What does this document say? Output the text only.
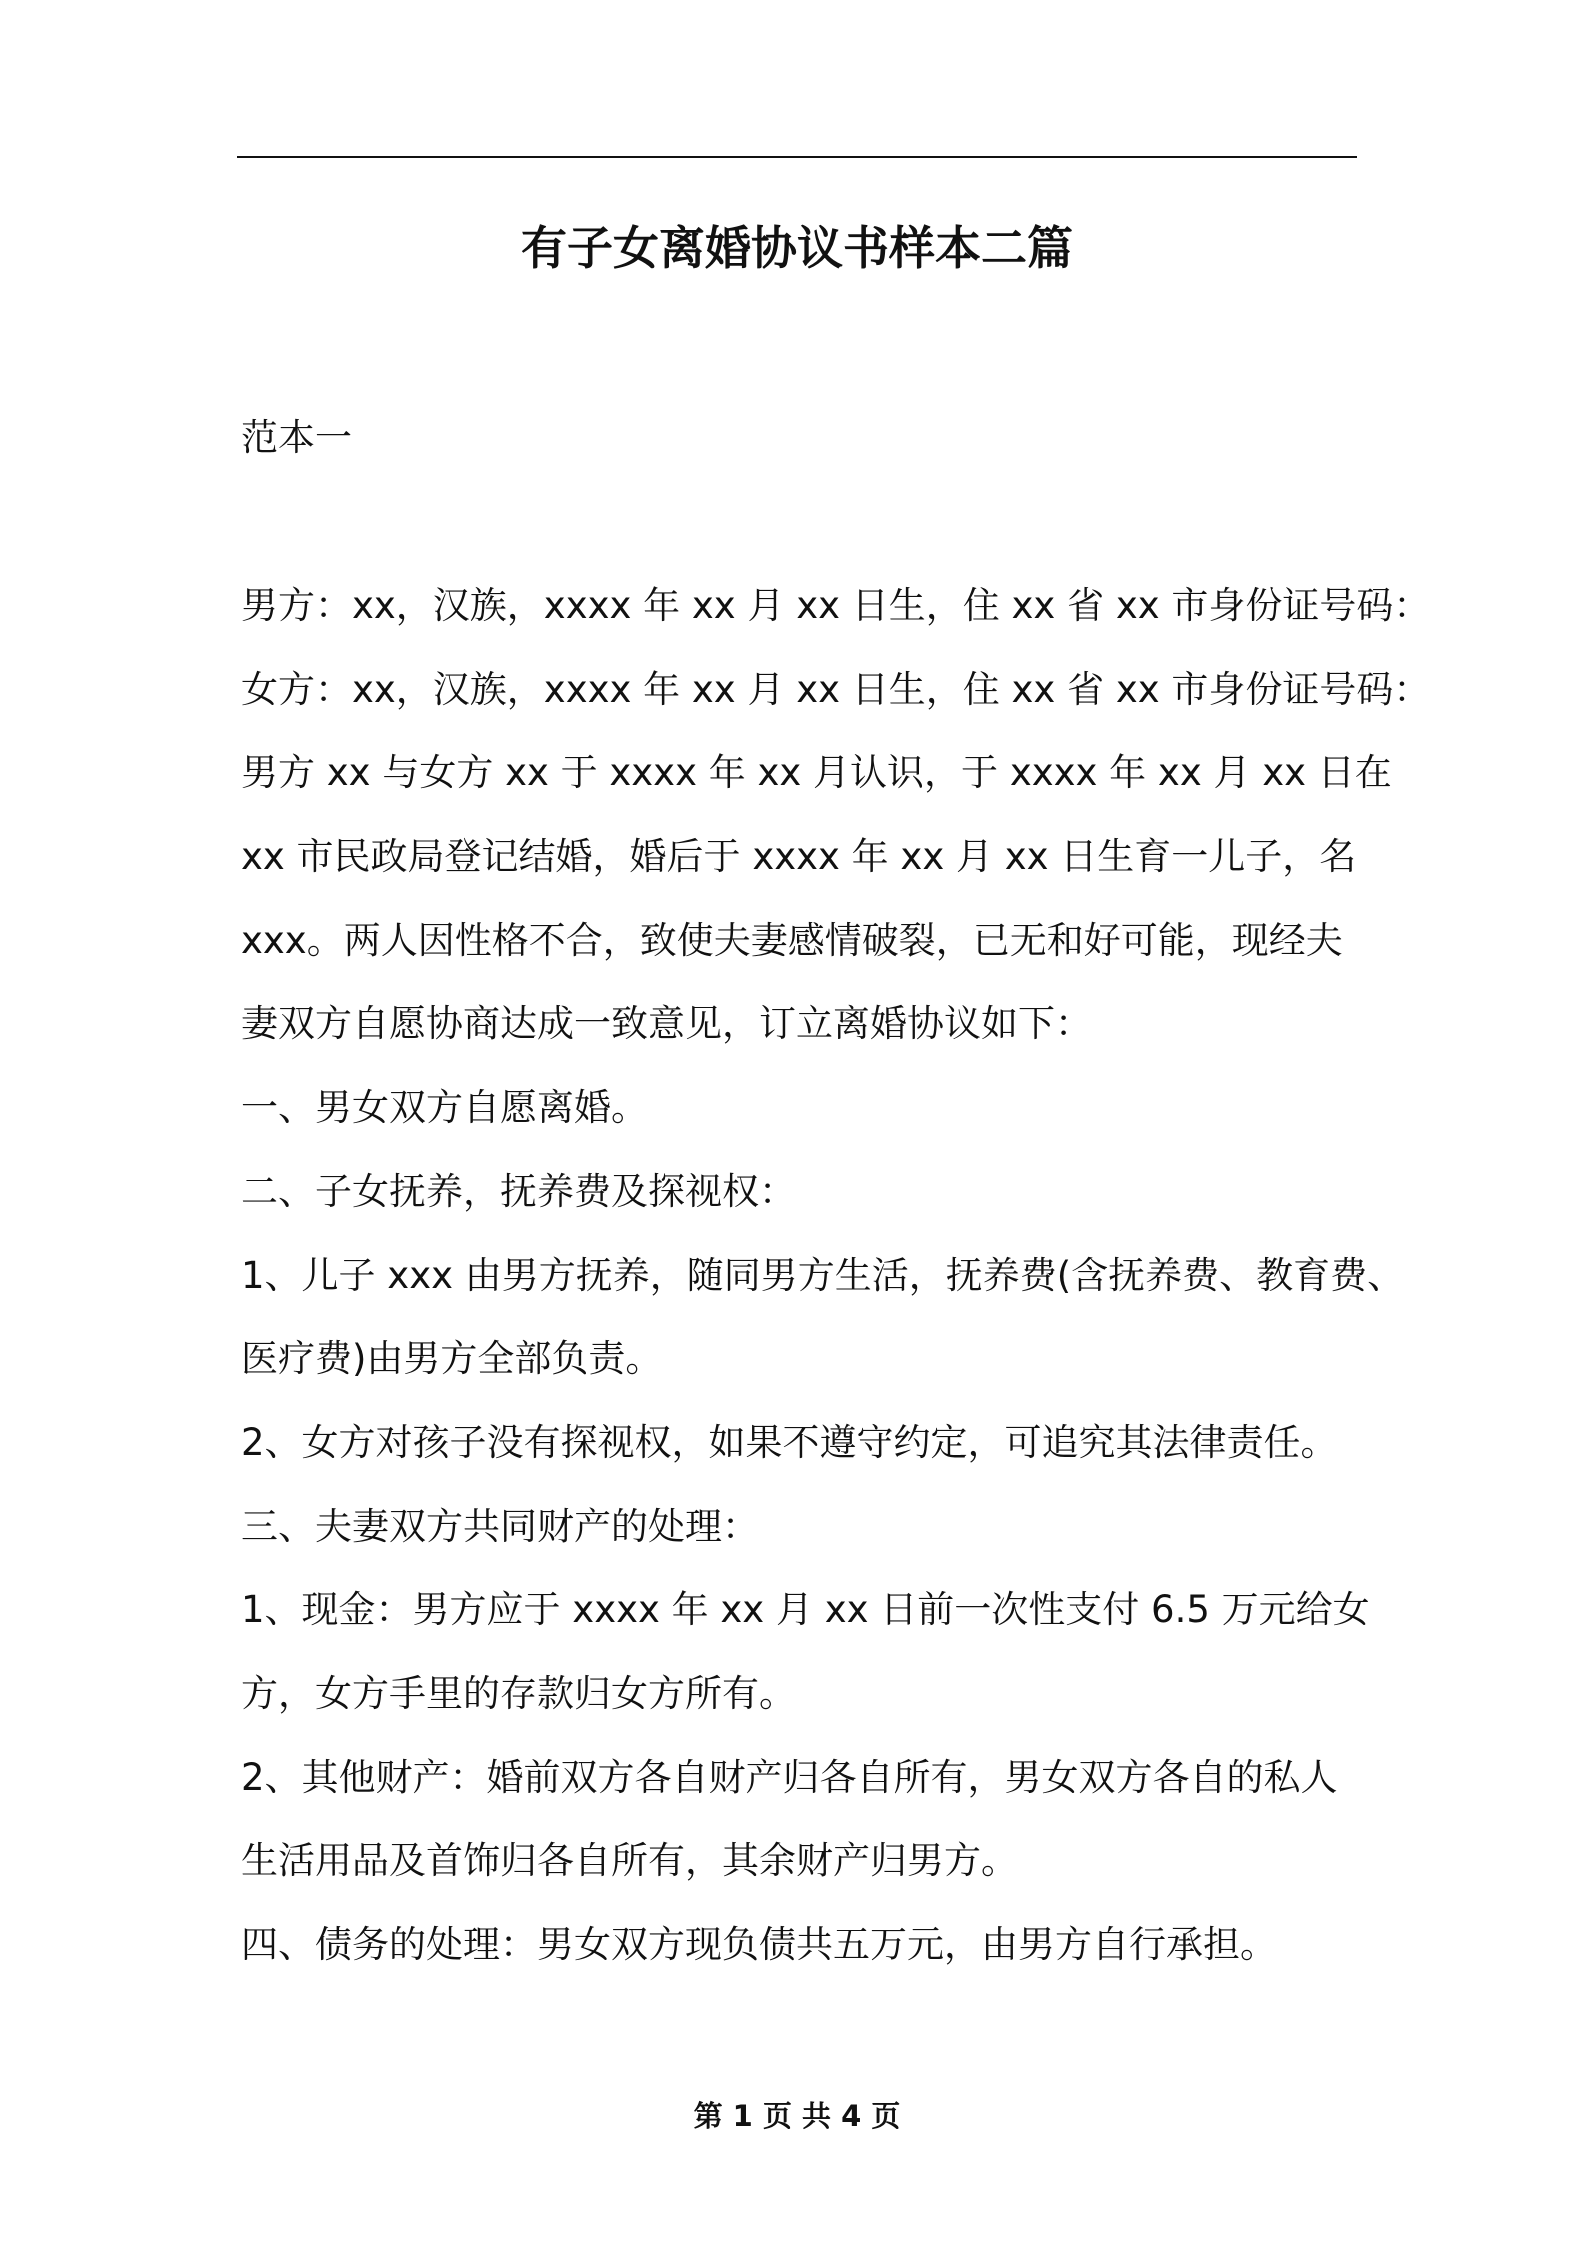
有子女离婚协议书样本二篇
范本一
男方：xx，汉族，xxxx 年 xx 月 xx 日生，住 xx 省 xx 市身份证号码：
女方：xx，汉族，xxxx 年 xx 月 xx 日生，住 xx 省 xx 市身份证号码：
男方 xx 与女方 xx 于 xxxx 年 xx 月认识，于 xxxx 年 xx 月 xx 日在
xx 市民政局登记结婚，婚后于 xxxx 年 xx 月 xx 日生育一儿子，名
xxx。两人因性格不合，致使夫妻感情破裂，已无和好可能，现经夫
妻双方自愿协商达成一致意见，订立离婚协议如下：
一、男女双方自愿离婚。
二、子女抚养，抚养费及探视权：
1、儿子 xxx 由男方抚养，随同男方生活，抚养费(含抚养费、教育费、
医疗费)由男方全部负责。
2、女方对孩子没有探视权，如果不遵守约定，可追究其法律责任。
三、夫妻双方共同财产的处理：
1、现金：男方应于 xxxx 年 xx 月 xx 日前一次性支付 6.5 万元给女
方，女方手里的存款归女方所有。
2、其他财产：婚前双方各自财产归各自所有，男女双方各自的私人
生活用品及首饰归各自所有，其余财产归男方。
四、债务的处理：男女双方现负债共五万元，由男方自行承担。
第 1 页 共 4 页
